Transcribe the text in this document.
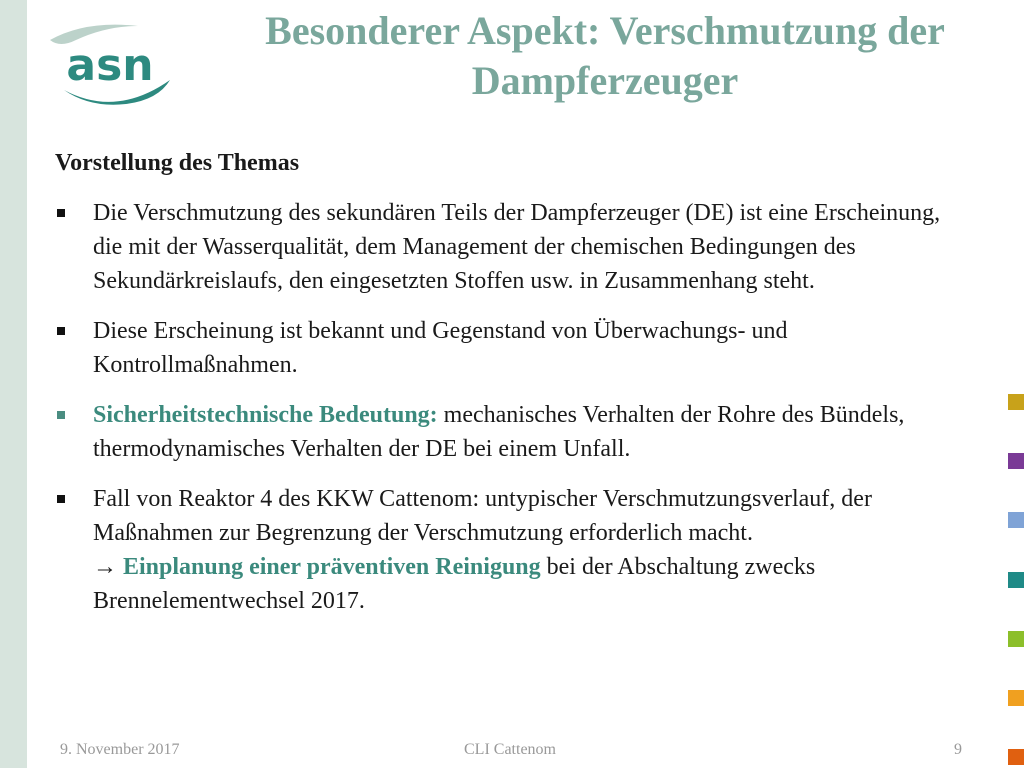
asn
Besonderer Aspekt: Verschmutzung der
Dampferzeuger
Vorstellung des Themas
Die Verschmutzung des sekundären Teils der Dampferzeuger (DE) ist eine Erscheinung, die mit der Wasserqualität, dem Management der chemischen Bedingungen des Sekundärkreislaufs, den eingesetzten Stoffen usw. in Zusammenhang steht.
Diese Erscheinung ist bekannt und Gegenstand von Überwachungs- und Kontrollmaßnahmen.
Sicherheitstechnische Bedeutung: mechanisches Verhalten der Rohre des Bündels, thermodynamisches Verhalten der DE bei einem Unfall.
Fall von Reaktor 4 des KKW Cattenom: untypischer Verschmutzungsverlauf, der Maßnahmen zur Begrenzung der Verschmutzung erforderlich macht.
→ Einplanung einer präventiven Reinigung bei der Abschaltung zwecks Brennelementwechsel 2017.
9. November 2017	CLI Cattenom	9
